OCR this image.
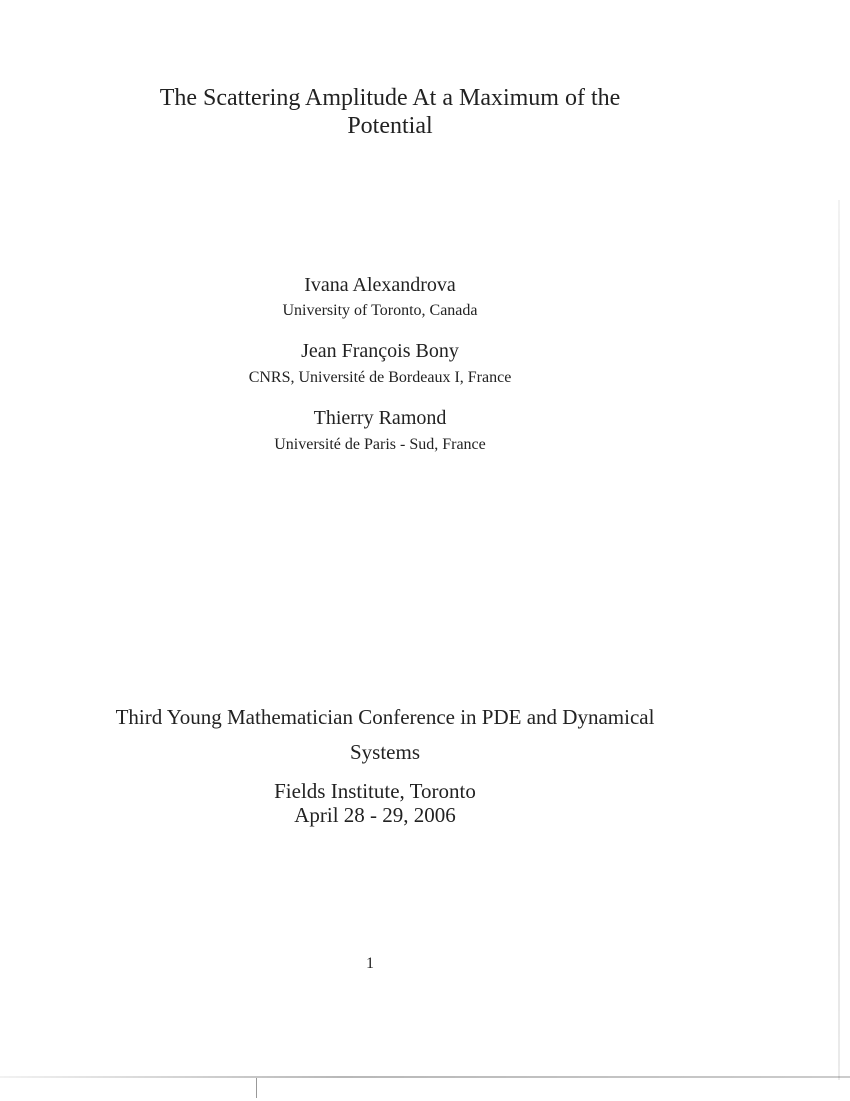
The Scattering Amplitude At a Maximum of the
Potential
Ivana Alexandrova
University of Toronto, Canada
Jean François Bony
CNRS, Université de Bordeaux I, France
Thierry Ramond
Université de Paris - Sud, France
Third Young Mathematician Conference in PDE and Dynamical
Systems
Fields Institute, Toronto
April 28 - 29, 2006
1
